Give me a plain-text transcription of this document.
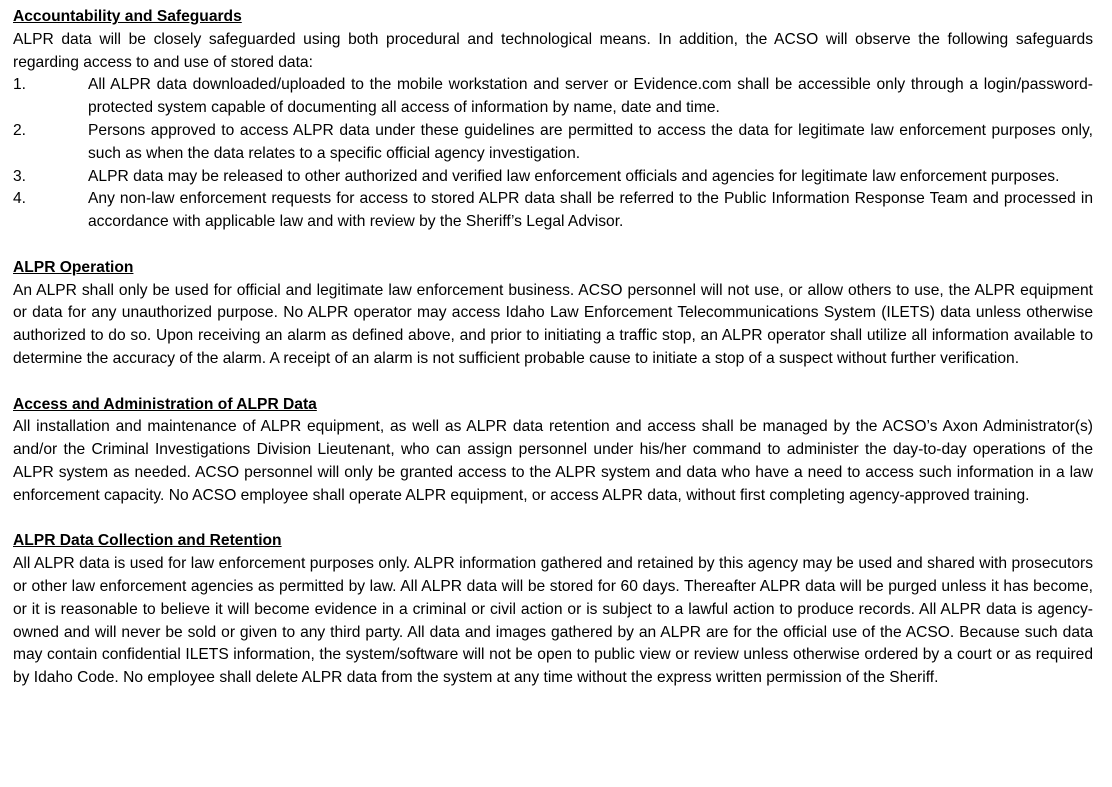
Accountability and Safeguards

ALPR data will be closely safeguarded using both procedural and technological means. In addition, the ACSO will observe the following safeguards regarding access to and use of stored data:

1.	All ALPR data downloaded/uploaded to the mobile workstation and server or Evidence.com shall be accessible only through a login/password-protected system capable of documenting all access of information by name, date and time.
2.	Persons approved to access ALPR data under these guidelines are permitted to access the data for legitimate law enforcement purposes only, such as when the data relates to a specific official agency investigation.
3.	ALPR data may be released to other authorized and verified law enforcement officials and agencies for legitimate law enforcement purposes.
4.	Any non-law enforcement requests for access to stored ALPR data shall be referred to the Public Information Response Team and processed in accordance with applicable law and with review by the Sheriff’s Legal Advisor.

ALPR Operation

An ALPR shall only be used for official and legitimate law enforcement business. ACSO personnel will not use, or allow others to use, the ALPR equipment or data for any unauthorized purpose. No ALPR operator may access Idaho Law Enforcement Telecommunications System (ILETS) data unless otherwise authorized to do so. Upon receiving an alarm as defined above, and prior to initiating a traffic stop, an ALPR operator shall utilize all information available to determine the accuracy of the alarm. A receipt of an alarm is not sufficient probable cause to initiate a stop of a suspect without further verification.

Access and Administration of ALPR Data

All installation and maintenance of ALPR equipment, as well as ALPR data retention and access shall be managed by the ACSO’s Axon Administrator(s) and/or the Criminal Investigations Division Lieutenant, who can assign personnel under his/her command to administer the day-to-day operations of the ALPR system as needed. ACSO personnel will only be granted access to the ALPR system and data who have a need to access such information in a law enforcement capacity. No ACSO employee shall operate ALPR equipment, or access ALPR data, without first completing agency-approved training.

ALPR Data Collection and Retention

All ALPR data is used for law enforcement purposes only. ALPR information gathered and retained by this agency may be used and shared with prosecutors or other law enforcement agencies as permitted by law. All ALPR data will be stored for 60 days. Thereafter ALPR data will be purged unless it has become, or it is reasonable to believe it will become evidence in a criminal or civil action or is subject to a lawful action to produce records. All ALPR data is agency-owned and will never be sold or given to any third party. All data and images gathered by an ALPR are for the official use of the ACSO. Because such data may contain confidential ILETS information, the system/software will not be open to public view or review unless otherwise ordered by a court or as required by Idaho Code. No employee shall delete ALPR data from the system at any time without the express written permission of the Sheriff.
